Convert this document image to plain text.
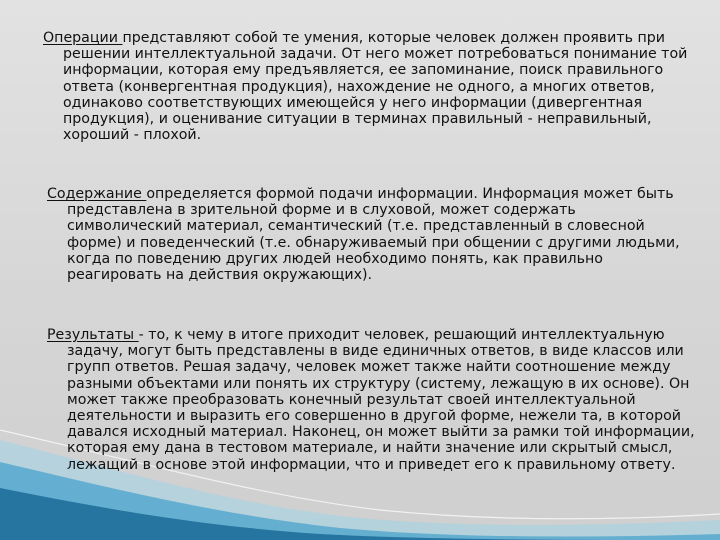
Операции представляют собой те умения, которые человек должен проявить при решении интеллектуальной задачи. От него может потребоваться понимание той информации, которая ему предъявляется, ее запоминание, поиск правильного ответа (конвергентная продукция), нахождение не одного, а многих ответов, одинаково соответствующих имеющейся у него информации (дивергентная продукция), и оценивание ситуации в терминах правильный - неправильный, хороший - плохой.

Содержание определяется формой подачи информации. Информация может быть представлена в зрительной форме и в слуховой, может содержать символический материал, семантический (т.е. представленный в словесной форме) и поведенческий (т.е. обнаруживаемый при общении с другими людьми, когда по поведению других людей необходимо понять, как правильно реагировать на действия окружающих).

Результаты - то, к чему в итоге приходит человек, решающий интеллектуальную задачу, могут быть представлены в виде единичных ответов, в виде классов или групп ответов. Решая задачу, человек может также найти соотношение между разными объектами или понять их структуру (систему, лежащую в их основе). Он может также преобразовать конечный результат своей интеллектуальной деятельности и выразить его совершенно в другой форме, нежели та, в которой давался исходный материал. Наконец, он может выйти за рамки той информации, которая ему дана в тестовом материале, и найти значение или скрытый смысл, лежащий в основе этой информации, что и приведет его к правильному ответу.
